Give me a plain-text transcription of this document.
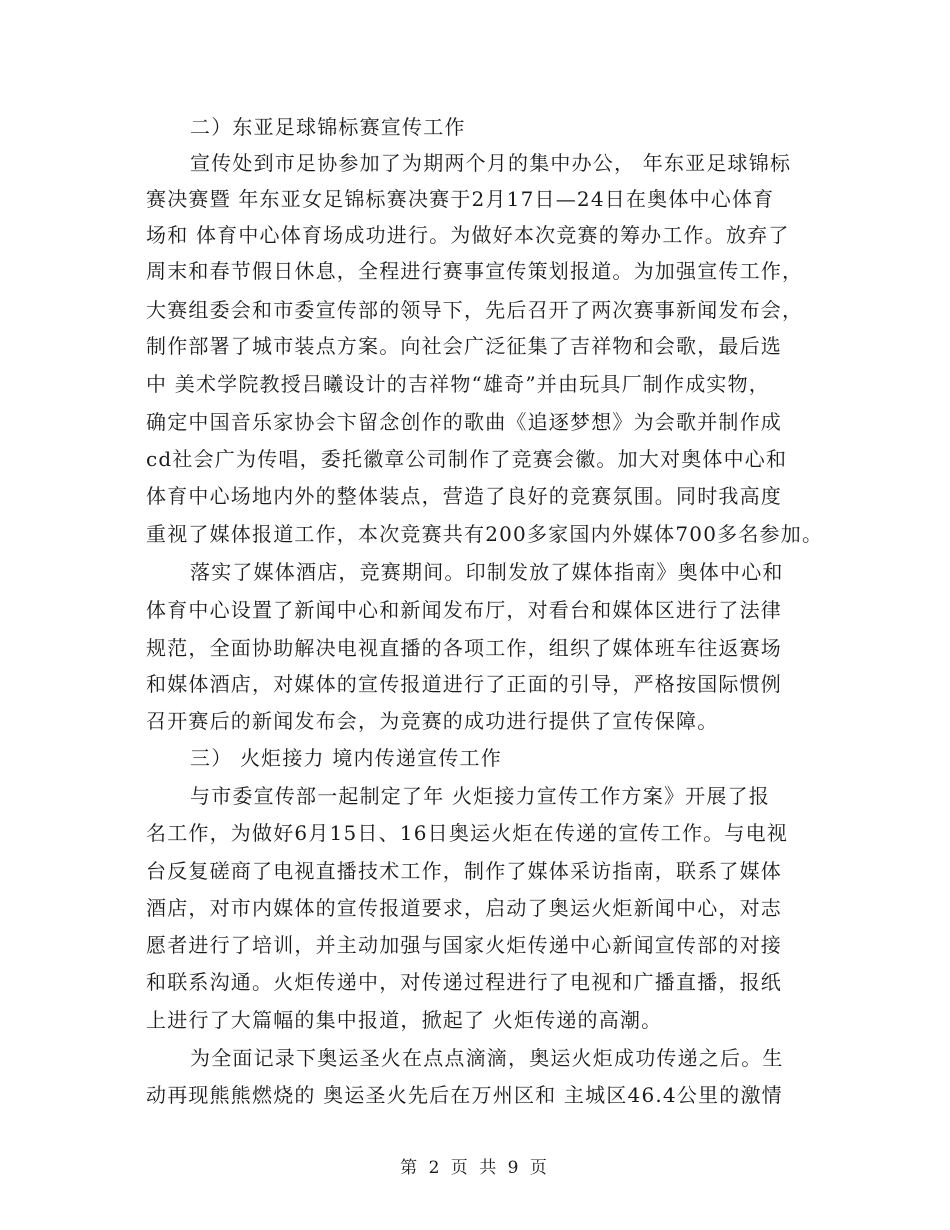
二）东亚足球锦标赛宣传工作
宣传处到市足协参加了为期两个月的集中办公， 年东亚足球锦标
赛决赛暨 年东亚女足锦标赛决赛于2月17日—24日在奥体中心体育
场和 体育中心体育场成功进行。为做好本次竞赛的筹办工作。放弃了
周末和春节假日休息，全程进行赛事宣传策划报道。为加强宣传工作，
大赛组委会和市委宣传部的领导下，先后召开了两次赛事新闻发布会，
制作部署了城市装点方案。向社会广泛征集了吉祥物和会歌，最后选
中 美术学院教授吕曦设计的吉祥物“雄奇”并由玩具厂制作成实物，
确定中国音乐家协会卞留念创作的歌曲《追逐梦想》为会歌并制作成
cd社会广为传唱，委托徽章公司制作了竞赛会徽。加大对奥体中心和
体育中心场地内外的整体装点，营造了良好的竞赛氛围。同时我高度
重视了媒体报道工作，本次竞赛共有200多家国内外媒体700多名参加。
落实了媒体酒店，竞赛期间。印制发放了媒体指南》奥体中心和
体育中心设置了新闻中心和新闻发布厅，对看台和媒体区进行了法律
规范，全面协助解决电视直播的各项工作，组织了媒体班车往返赛场
和媒体酒店，对媒体的宣传报道进行了正面的引导，严格按国际惯例
召开赛后的新闻发布会，为竞赛的成功进行提供了宣传保障。
三） 火炬接力 境内传递宣传工作
与市委宣传部一起制定了年 火炬接力宣传工作方案》开展了报
名工作，为做好6月15日、16日奥运火炬在传递的宣传工作。与电视
台反复磋商了电视直播技术工作，制作了媒体采访指南，联系了媒体
酒店，对市内媒体的宣传报道要求，启动了奥运火炬新闻中心，对志
愿者进行了培训，并主动加强与国家火炬传递中心新闻宣传部的对接
和联系沟通。火炬传递中，对传递过程进行了电视和广播直播，报纸
上进行了大篇幅的集中报道，掀起了 火炬传递的高潮。
为全面记录下奥运圣火在点点滴滴，奥运火炬成功传递之后。生
动再现熊熊燃烧的 奥运圣火先后在万州区和 主城区46.4公里的激情
第 2 页 共 9 页
